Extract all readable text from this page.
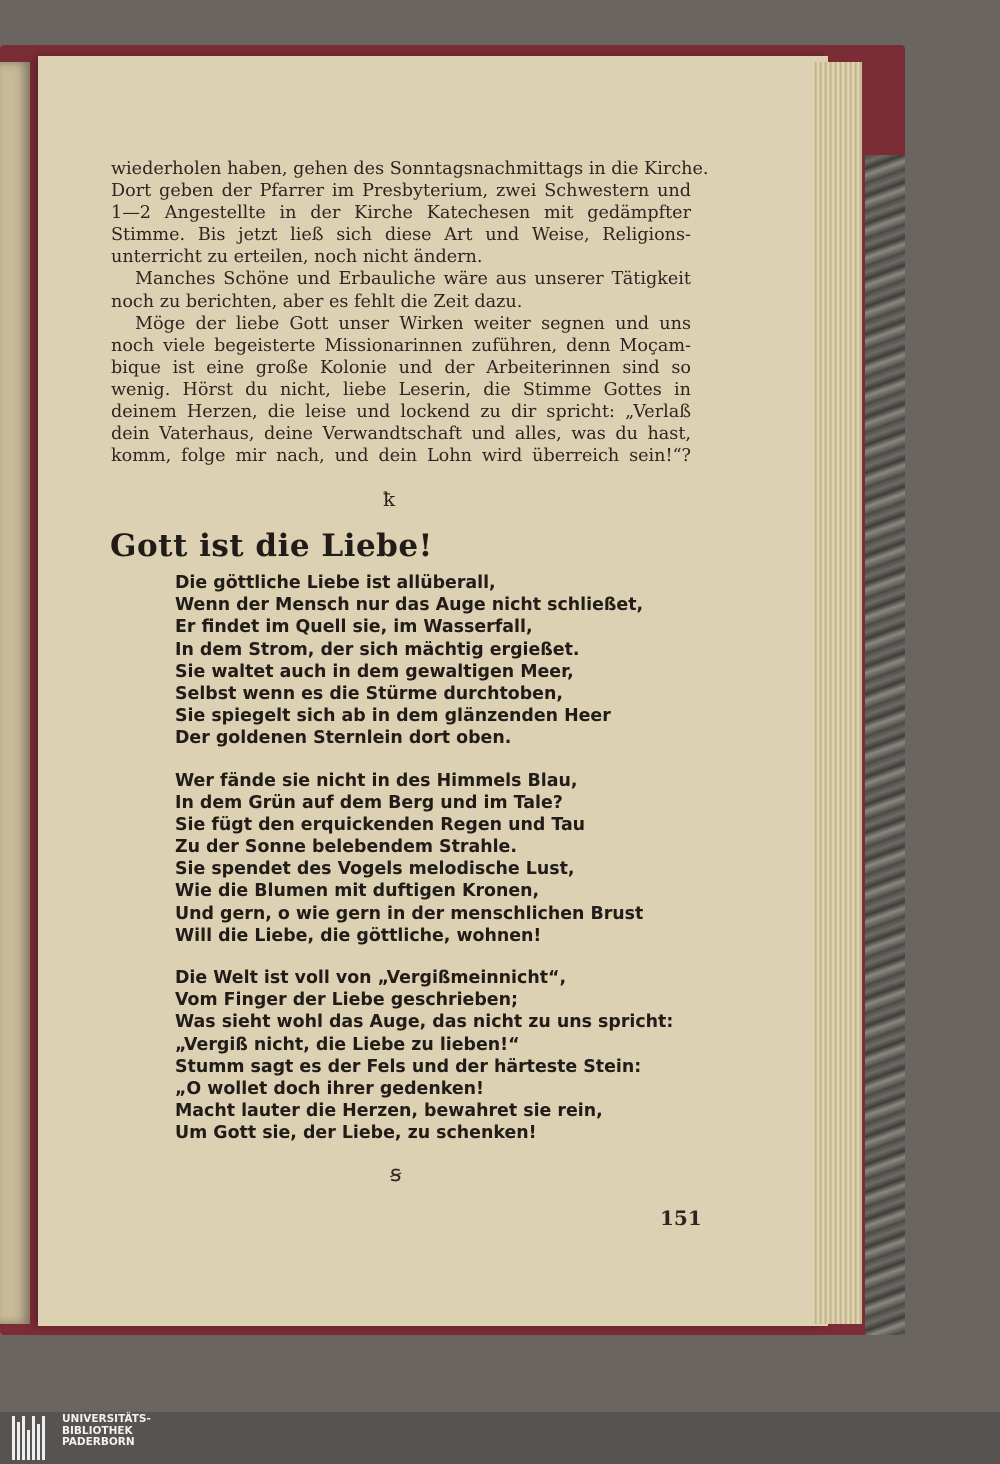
wiederholen haben, gehen des Sonntagsnachmittags in die Kirche.
Dort geben der Pfarrer im Presbyterium, zwei Schwestern und
1—2 Angestellte in der Kirche Katechesen mit gedämpfter
Stimme. Bis jetzt ließ sich diese Art und Weise, Religions-
unterricht zu erteilen, noch nicht ändern.
Manches Schöne und Erbauliche wäre aus unserer Tätigkeit
noch zu berichten, aber es fehlt die Zeit dazu.
Möge der liebe Gott unser Wirken weiter segnen und uns
noch viele begeisterte Missionarinnen zuführen, denn Moçam-
bique ist eine große Kolonie und der Arbeiterinnen sind so
wenig. Hörst du nicht, liebe Leserin, die Stimme Gottes in
deinem Herzen, die leise und lockend zu dir spricht: „Verlaß
dein Vaterhaus, deine Verwandtschaft und alles, was du hast,
komm, folge mir nach, und dein Lohn wird überreich sein!“?
ꝁ
Gott ist die Liebe!
Die göttliche Liebe ist allüberall,
Wenn der Mensch nur das Auge nicht schließet,
Er findet im Quell sie, im Wasserfall,
In dem Strom, der sich mächtig ergießet.
Sie waltet auch in dem gewaltigen Meer,
Selbst wenn es die Stürme durchtoben,
Sie spiegelt sich ab in dem glänzenden Heer
Der goldenen Sternlein dort oben.
Wer fände sie nicht in des Himmels Blau,
In dem Grün auf dem Berg und im Tale?
Sie fügt den erquickenden Regen und Tau
Zu der Sonne belebendem Strahle.
Sie spendet des Vogels melodische Lust,
Wie die Blumen mit duftigen Kronen,
Und gern, o wie gern in der menschlichen Brust
Will die Liebe, die göttliche, wohnen!
Die Welt ist voll von „Vergißmeinnicht“,
Vom Finger der Liebe geschrieben;
Was sieht wohl das Auge, das nicht zu uns spricht:
„Vergiß nicht, die Liebe zu lieben!“
Stumm sagt es der Fels und der härteste Stein:
„O wollet doch ihrer gedenken!
Macht lauter die Herzen, bewahret sie rein,
Um Gott sie, der Liebe, zu schenken!
ꞩ
151
UNIVERSITÄTS-
BIBLIOTHEK
PADERBORN
